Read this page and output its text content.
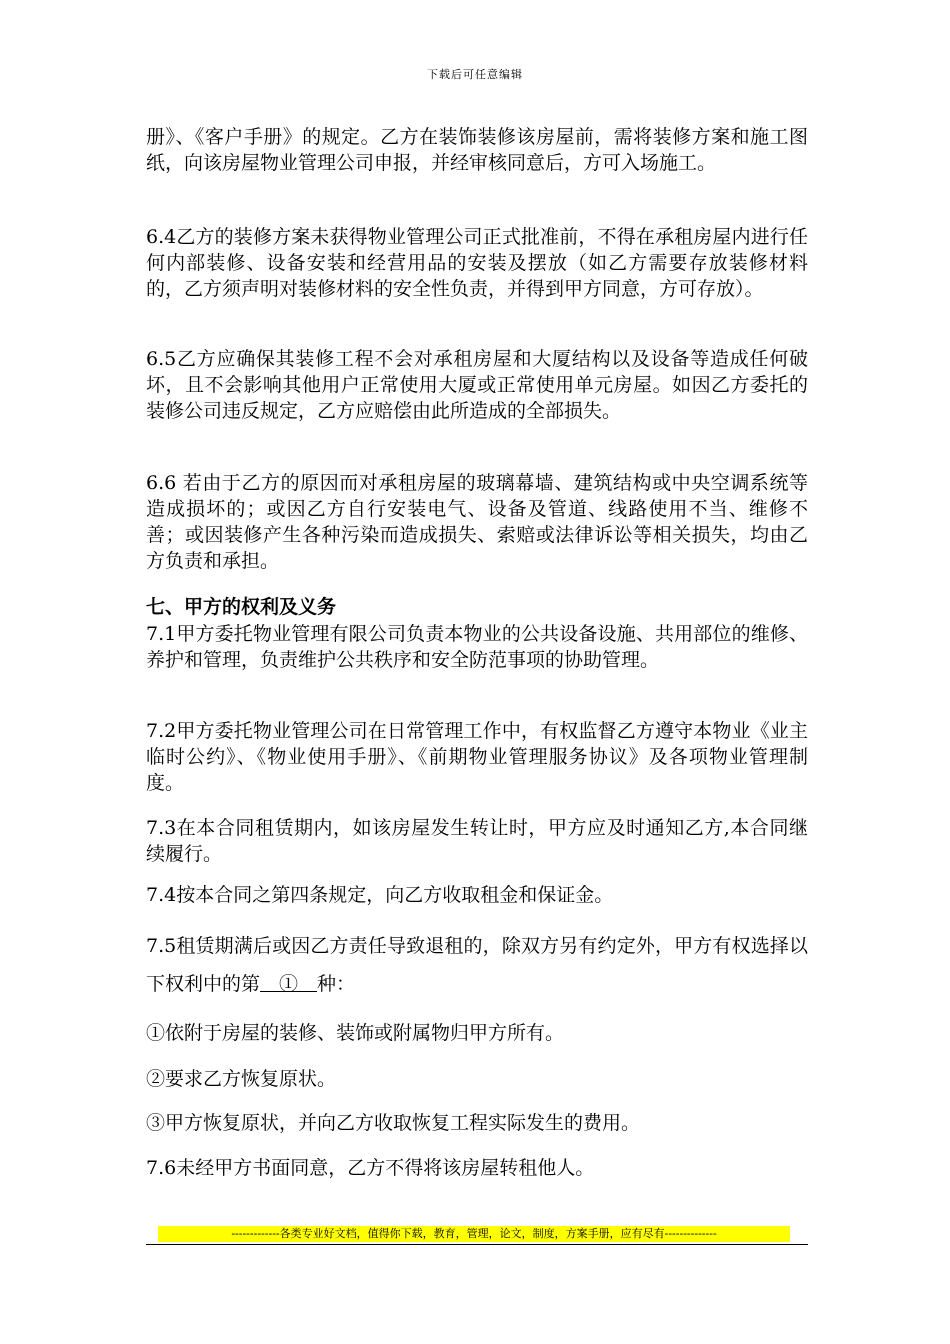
下载后可任意编辑

册》、《客户手册》的规定。乙方在装饰装修该房屋前，需将装修方案和施工图纸，向该房屋物业管理公司申报，并经审核同意后，方可入场施工。

6.4乙方的装修方案未获得物业管理公司正式批准前，不得在承租房屋内进行任何内部装修、设备安装和经营用品的安装及摆放（如乙方需要存放装修材料的，乙方须声明对装修材料的安全性负责，并得到甲方同意，方可存放）。

6.5乙方应确保其装修工程不会对承租房屋和大厦结构以及设备等造成任何破坏，且不会影响其他用户正常使用大厦或正常使用单元房屋。如因乙方委托的装修公司违反规定，乙方应赔偿由此所造成的全部损失。

6.6 若由于乙方的原因而对承租房屋的玻璃幕墙、建筑结构或中央空调系统等造成损坏的；或因乙方自行安装电气、设备及管道、线路使用不当、维修不善；或因装修产生各种污染而造成损失、索赔或法律诉讼等相关损失，均由乙方负责和承担。

七、甲方的权利及义务

7.1甲方委托物业管理有限公司负责本物业的公共设备设施、共用部位的维修、养护和管理，负责维护公共秩序和安全防范事项的协助管理。

7.2甲方委托物业管理公司在日常管理工作中，有权监督乙方遵守本物业《业主临时公约》、《物业使用手册》、《前期物业管理服务协议》及各项物业管理制度。

7.3在本合同租赁期内，如该房屋发生转让时，甲方应及时通知乙方,本合同继续履行。

7.4按本合同之第四条规定，向乙方收取租金和保证金。

7.5租赁期满后或因乙方责任导致退租的，除双方另有约定外，甲方有权选择以下权利中的第　①　种：

①依附于房屋的装修、装饰或附属物归甲方所有。

②要求乙方恢复原状。

③甲方恢复原状，并向乙方收取恢复工程实际发生的费用。

7.6未经甲方书面同意，乙方不得将该房屋转租他人。

-------------各类专业好文档，值得你下载，教育，管理，论文，制度，方案手册，应有尽有--------------
